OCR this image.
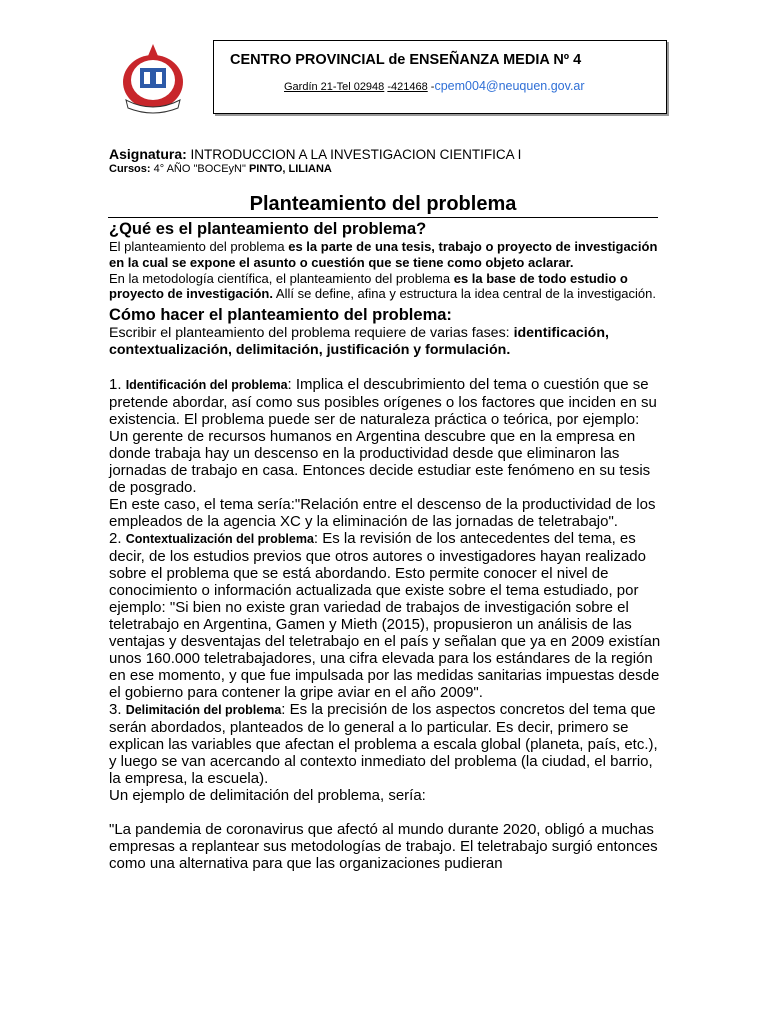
CENTRO PROVINCIAL de ENSEÑANZA MEDIA Nº 4
Gardín 21-Tel 02948 -421468 -cpem004@neuquen.gov.ar
Asignatura: INTRODUCCION A LA INVESTIGACION CIENTIFICA I
Cursos: 4° AÑO "BOCEyN" PINTO, LILIANA
Planteamiento del problema

¿Qué es el planteamiento del problema?

El planteamiento del problema es la parte de una tesis, trabajo o proyecto de investigación en la cual se expone el asunto o cuestión que se tiene como objeto aclarar.

En la metodología científica, el planteamiento del problema es la base de todo estudio o proyecto de investigación. Allí se define, afina y estructura la idea central de la investigación.

Cómo hacer el planteamiento del problema:

Escribir el planteamiento del problema requiere de varias fases: identificación, contextualización, delimitación, justificación y formulación.

1. Identificación del problema: Implica el descubrimiento del tema o cuestión que se pretende abordar, así como sus posibles orígenes o los factores que inciden en su existencia. El problema puede ser de naturaleza práctica o teórica, por ejemplo: Un gerente de recursos humanos en Argentina descubre que en la empresa en donde trabaja hay un descenso en la productividad desde que eliminaron las jornadas de trabajo en casa. Entonces decide estudiar este fenómeno en su tesis de posgrado.

En este caso, el tema sería:"Relación entre el descenso de la productividad de los empleados de la agencia XC y la eliminación de las jornadas de teletrabajo".

2. Contextualización del problema: Es la revisión de los antecedentes del tema, es decir, de los estudios previos que otros autores o investigadores hayan realizado sobre el problema que se está abordando. Esto permite conocer el nivel de conocimiento o información actualizada que existe sobre el tema estudiado, por ejemplo: "Si bien no existe gran variedad de trabajos de investigación sobre el teletrabajo en Argentina, Gamen y Mieth (2015), propusieron un análisis de las ventajas y desventajas del teletrabajo en el país y señalan que ya en 2009 existían unos 160.000 teletrabajadores, una cifra elevada para los estándares de la región en ese momento, y que fue impulsada por las medidas sanitarias impuestas desde el gobierno para contener la gripe aviar en el año 2009".

3. Delimitación del problema: Es la precisión de los aspectos concretos del tema que serán abordados, planteados de lo general a lo particular. Es decir, primero se explican las variables que afectan el problema a escala global (planeta, país, etc.), y luego se van acercando al contexto inmediato del problema (la ciudad, el barrio, la empresa, la escuela).

Un ejemplo de delimitación del problema, sería:

"La pandemia de coronavirus que afectó al mundo durante 2020, obligó a muchas empresas a replantear sus metodologías de trabajo. El teletrabajo surgió entonces como una alternativa para que las organizaciones pudieran
